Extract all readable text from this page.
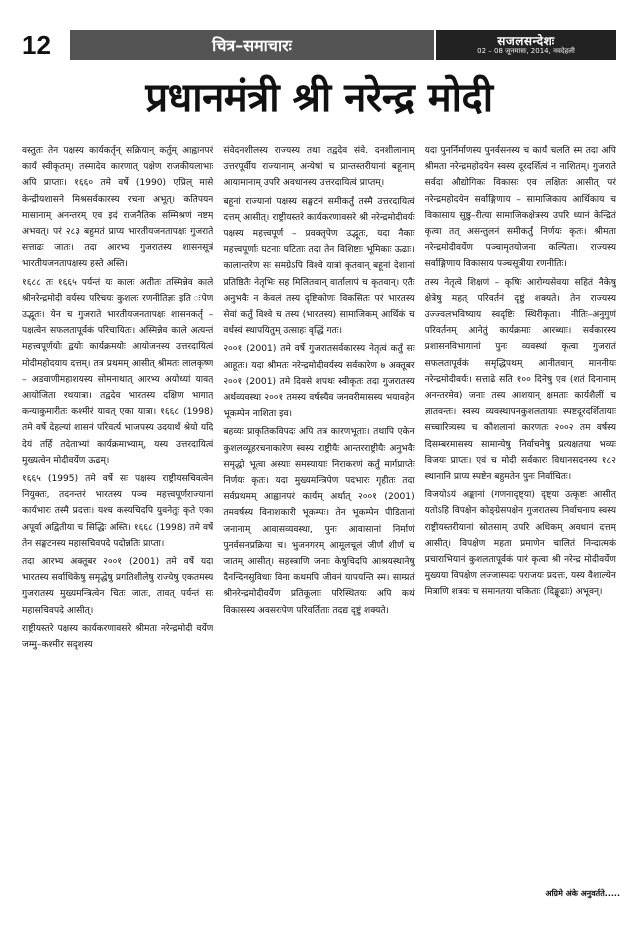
12	चित्र–समाचारः	सजलसन्देशः
02 – 08 जूनमासः, 2014, नवदेहली
प्रधानमंत्री श्री नरेन्द्र मोदी

वस्तुतः तेन पक्षस्य कार्यकर्तृन् सक्रियान् कर्तुम् आह्वानपरं कार्यं स्वीकृतम्। तस्मादेव कारणात् पक्षेण राजकीयलाभाः अपि प्राप्ताः। १६६० तमे वर्षे (1990) एप्रिल् मासे केन्द्रीयशासने मिश्रसर्वकारस्य रचना अभूत्। कतिपयन मासानाम् अनन्तरम् एव इदं राजनैतिक सम्मिश्रणं नष्टम् अभवत्। परं २८३ बहुमतं प्राप्य भारतीयजनतापक्षः गुजराते सत्ताढः जातः। तदा आरभ्य गुजरातस्य शासनसूत्रं भारतीयजनतापक्षस्य हस्ते अस्ति।

१६८८ तः १६६५ पर्यन्तं यः कालः अतीतः तस्मिन्नेव काले श्रीनरेन्द्रमोदी वर्यस्य परिचयः कुशलः रणनीतिज्ञः इति ःपेण उद्भूतः। येन च गुजराते भारतीयजनतापक्षः शासनकर्तृ – पक्षत्वेन सफलतापूर्वकं परिचायितः। अस्मिन्नेव काले अत्यन्तं महत्त्वपूर्णयोः द्वयोः कार्यक्रमयोः आयोजनस्य उत्तरदायित्वं मोदीमहोदयाय दत्तम्। तत्र प्रथमम् आसीत् श्रीमतः लालकृष्ण – अडवाणीमहाशयस्य सोमनाथात् आरभ्य अयोध्यां यावत् आयोजिता रथयात्रा। तद्वदेव भारतस्य दक्षिण भागात् कन्याकुमारीतः कश्मीरं यावत् एका यात्रा। १६६८ (1998) तमे वर्षे देहल्यां शासनं परिवर्त्य भाजपस्य उदयार्थं श्रेयो यदि देयं तर्हि तदेताभ्यां कार्यक्रमाभ्याम्, यस्य उत्तरदायित्वं मुख्यत्वेन मोदीवर्येण ऊढम्।

१६६५ (1995) तमे वर्षे सः पक्षस्य राष्ट्रीयसचिवत्वेन नियुक्तः, तदनन्तरं भारतस्य पञ्च महत्त्वपूर्णराज्यानां कार्यभारः तस्मै प्रदत्तः। यश्च कस्यचिदपि युवनेतुः कृते एका अपूर्वा अद्वितीया च सिद्धिः अस्ति। १६६८ (1998) तमे वर्षे तेन सङ्घटनस्य महासचिवपदे पदोन्नतिः प्राप्ता।

तदा आरभ्य अक्तूबर २००१ (2001) तमे वर्षे यदा भारतस्य सर्वाधिकेषु समृद्धेषु प्रगतिशीलेषु राज्येषु एकतमस्य गुजरातस्य मुख्यमन्त्रित्वेन चितः जातः, तावत् पर्यन्तं सः महासचिवपदे आसीत्।

राष्ट्रीयस्तरे पक्षस्य कार्यकरणावसरे श्रीमता नरेन्द्रमोदी वर्येण जम्मु–कश्मीर सदृशस्य

संवेदनशीलस्य राज्यस्य तथा तद्वदेव संवे. दनशीलानाम् उत्तरपूर्वीय राज्यानाम् अन्येषां च प्रान्तस्तरीयानां बहूनाम् आयामानाम् उपरि अवधानस्य उत्तरदायित्वं प्राप्तम्।

बहूनां राज्यानां पक्षस्य सङ्घटनं समीकर्तुं तस्मै उत्तरदायित्वं दत्तम् आसीत्। राष्ट्रीयस्तरे कार्यकरणावसरे श्री नरेन्द्रमोदीवर्यः पक्षस्य महत्त्वपूर्ण – प्रवक्तृपेण उद्भूतः, यदा नैकाः महत्त्वपूर्णाः घटनाः घटिताः तदा तेन विशिष्टाः भूमिकाः ऊढाः। कालान्तरेण सः समग्रेऽपि विश्वे यात्रां कृतवान् बहूनां देशानां प्रतिष्ठितैः नेतृभिः सह मिलितवान् वार्तालापं च कृतवान्। एतैः अनुभवैः न केवलं तस्य दृष्टिकोणः विकसितः परं भारतस्य सेवां कर्तुं विश्वे च तस्य (भारतस्य) सामाजिकम् आर्थिकं च वर्धस्वं स्थापयितुम् उत्साहः वृद्धिं गतः।

२००१ (2001) तमे वर्षे गुजरातसर्वकारस्य नेतृत्वं कर्तुं सः आहूतः। यदा श्रीमतः नरेन्द्रमोदीवर्यस्य सर्वकारेण ७ अक्तूबर २००१ (2001) तमे दिवसे शपथः स्वीकृतः तदा गुजरातस्य अर्थव्यवस्था २००१ तमस्य वर्षस्यैव जनवरीमासस्य भयावहेन भूकम्पेन नाशिता इव।

बहव्यः प्राकृतिकविपदः अपि तत्र कारणभूताः। तथापि एकेन कुशलव्यूहरचनाकारेण स्वस्य राष्ट्रीयैः आन्तरराष्ट्रीयैः अनुभवैः समृद्धो भूत्वा अस्याः समस्यायाः निराकरणं कर्तुं मार्गप्राप्तेः निर्णयः कृतः। यदा मुख्यमन्त्रिपेण पदभारः गृहीतः तदा सर्वप्रथमम् आह्वानपरं कार्यम् अर्थात् २००१ (2001) तमवर्षस्य विनाशकारी भूकम्पः। तेन भूकम्पेन पीडितानां जनानाम् आवासव्यवस्था, पुनः आवासानां निर्माणं पुनर्वसनप्रक्रिया च। भुजनगरम् आमूलचूलं जीर्णं शीर्णं च जातम् आसीत्। सहस्त्राणि जनाः केषुचिदपि आश्रयस्थानेषु दैनन्दिनसुविधाः विना कथमपि जीवनं यापयन्ति स्म। साम्प्रतं श्रीनरेन्द्रमोदीवर्येण प्रतिकूलाः परिस्थितयः अपि कथं विकासस्य अवसरःपेण परिवर्तिताः तदद्य दृष्टुं शक्यते।

यदा पुनर्निर्माणस्य पुनर्वसनस्य च कार्यं चलति स्म तदा अपि श्रीमता नरेन्द्रमहोदयेन स्वस्य दूरदर्शित्वं न नाशितम्। गुजराते सर्वदा औद्योगिकः विकासः एव लक्षितः आसीत् परं नरेन्द्रमहोदयेन सर्वाङ्गिणाय – सामाजिकाय आर्थिकाय च विकासाय सुष्ठु–रीत्या सामाजिकक्षेत्रस्य उपरि ध्यानं केन्द्रितं कृत्वा तत् असन्तुलनं समीकर्तुं निर्णयः कृतः। श्रीमता नरेन्द्रमोदीवर्येण पञ्चामृतयोजना कल्पिता। राज्यस्य सर्वाङ्गिणाय विकासाय पञ्चसूत्रीया रणनीतिः।

तस्य नेतृत्वे शिक्षणं – कृषिः आरोग्यसेवया सहितं नैकेषु क्षेत्रेषु महत् परिवर्तनं दृष्टुं शक्यते। तेन राज्यस्य उज्ज्वलभविष्याय स्वदृष्टिः स्थिरीकृता। नीतिः–अनुगुणं परिवर्तनम् आनेतुं कार्यक्रमाः आरब्धाः। सर्वकारस्य प्रशासनविभागानां पुनः व्यवस्थां कृत्वा गुजरातं सफलतापूर्वकं समृद्धिपथम् आनीतवान् माननीयः नरेन्द्रमोदीवर्यः। सत्ताढे सति १०० दिनेषु एव (शतं दिनानाम् अनन्तरमेव) जनाः तस्य आशयान् क्षमताः कार्यशैलीं च ज्ञातवन्तः। स्वस्य व्यवस्थापनकुशलतायाः स्पष्टदूरदर्शितायाः सच्चारित्र्यस्य च कौशलानां कारणतः २००२ तम वर्षस्य दिसम्बरमासस्य सामान्येषु निर्वाचनेषु प्रत्यक्षतया भव्यः विजयः प्राप्तः। एवं च मोदी सर्वकारः विधानसदनस्य १८२ स्थानानि प्राप्य स्पष्टेन बहुमतेन पुनः निर्वाचितः।

विजयोऽयं अङ्कानां (गणनादृष्ट्या) दृष्ट्या उत्कृष्टः आसीत् यतोऽहि विपक्षेन कोङ्ग्रेसपक्षेन गुजरातस्य निर्वाचनाय स्वस्य राष्ट्रीयस्तरीयानां स्रोतसाम् उपरि अधिकम् अवधानं दत्तम् आसीत्। विपक्षेण महता प्रमाणेन चालितं निन्दात्मकं प्रचाराभियानं कुशलतापूर्वकं पारं कृत्वा श्री नरेन्द्र मोदीवर्येण मुख्यया विपक्षेण लज्जास्पदः पराजयः प्रदत्तः, यस्य वैशाल्येन मित्राणि शत्रवः च समानतया चकिताः (दिङ्मूढाः) अभूवन्।

अग्रिमे अंके अनुवर्तते.....
